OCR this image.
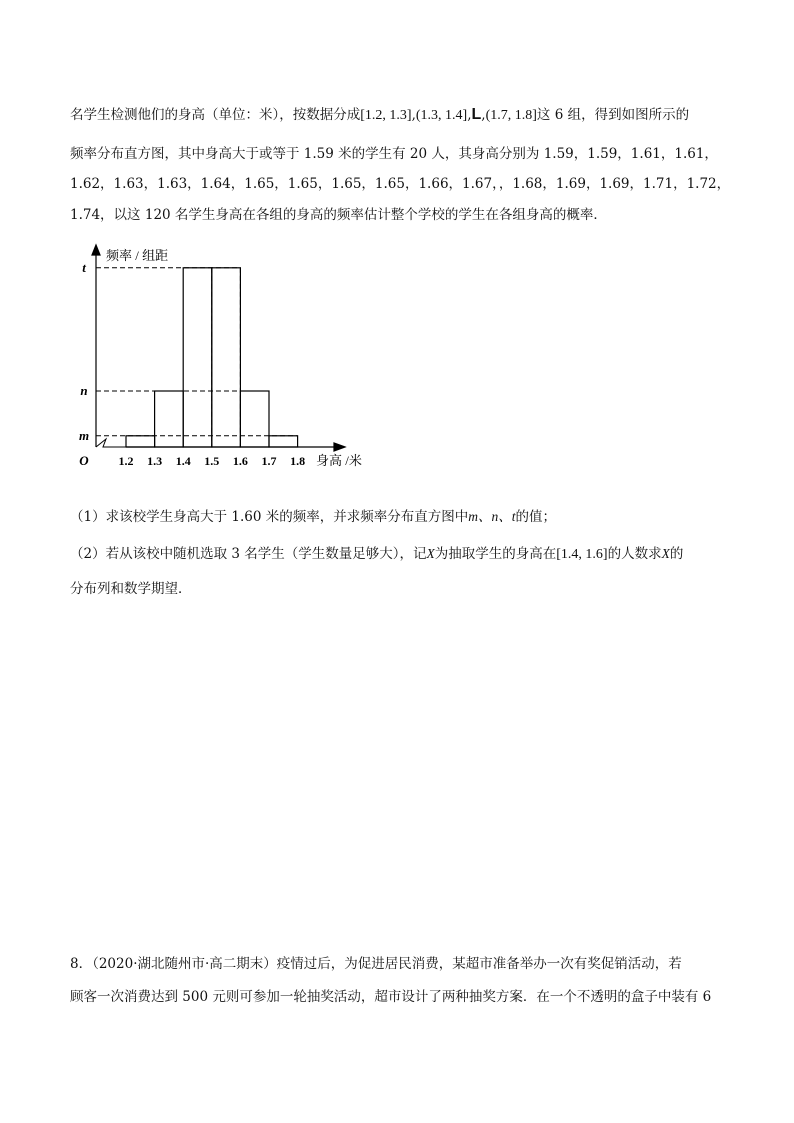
名学生检测他们的身高（单位：米），按数据分成[1.2, 1.3],(1.3, 1.4],L,(1.7, 1.8]这 6 组，得到如图所示的
频率分布直方图，其中身高大于或等于 1.59 米的学生有 20 人，其身高分别为 1.59，1.59，1.61，1.61，
1.62，1.63，1.63，1.64，1.65，1.65，1.65，1.65，1.66，1.67，，1.68，1.69，1.69，1.71，1.72，
1.74，以这 120 名学生身高在各组的身高的频率估计整个学校的学生在各组身高的概率．
m
n
t
1.2 1.3 1.4 1.5 1.6 1.7 1.8
O
频率 / 组距
身高 /米
（1）求该校学生身高大于 1.60 米的频率，并求频率分布直方图中m、n、t的值；
（2）若从该校中随机选取 3 名学生（学生数量足够大），记X为抽取学生的身高在[1.4, 1.6]的人数求X的
分布列和数学期望．
8．（2020·湖北随州市·高二期末）疫情过后，为促进居民消费，某超市准备举办一次有奖促销活动，若
顾客一次消费达到 500 元则可参加一轮抽奖活动，超市设计了两种抽奖方案．在一个不透明的盒子中装有 6
